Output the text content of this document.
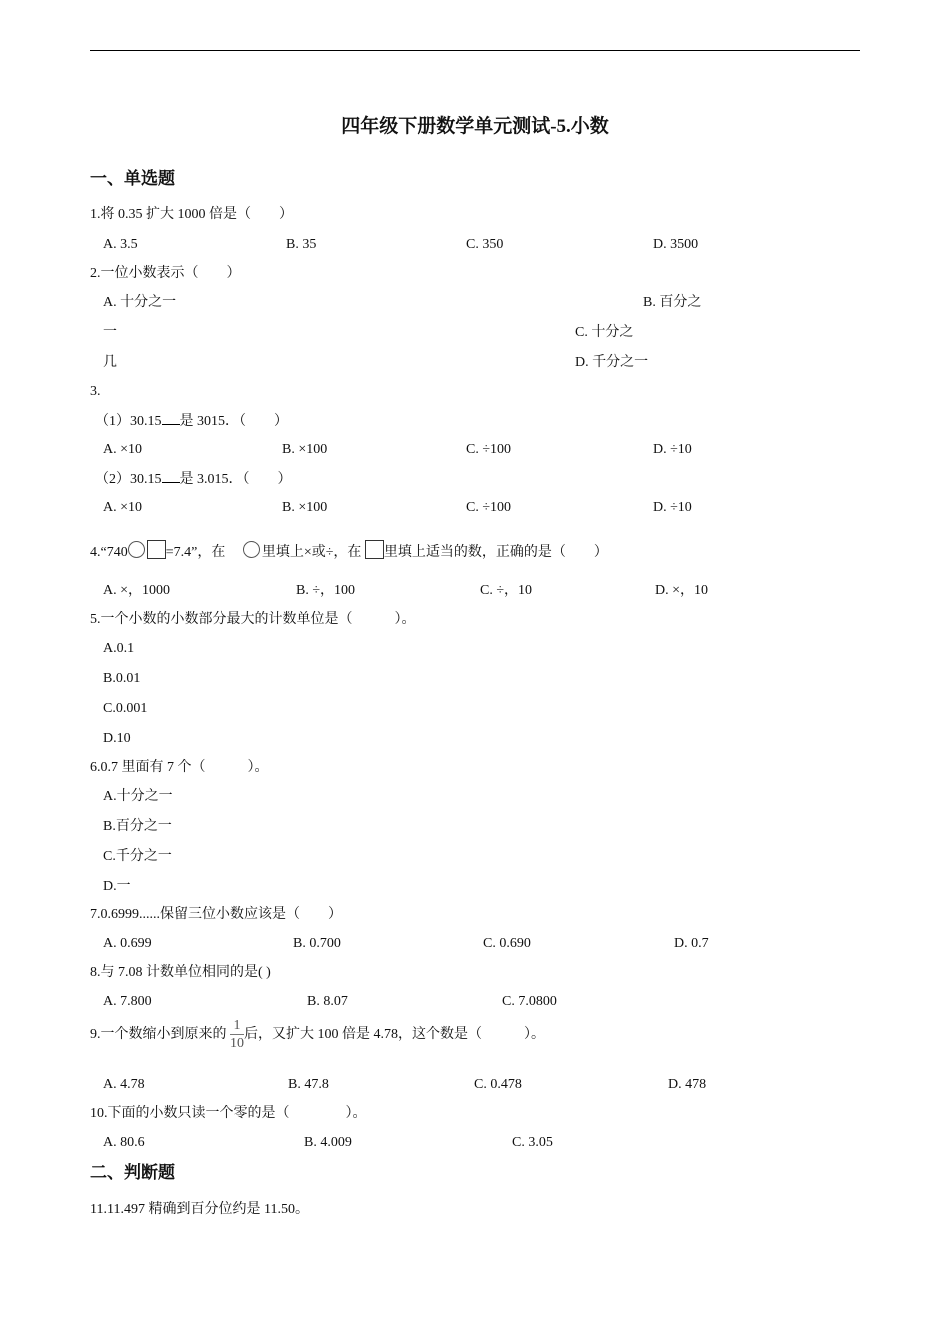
四年级下册数学单元测试-5.小数
一、单选题
1.将 0.35 扩大 1000 倍是（　　）
A. 3.5	B. 35	C. 350	D. 3500
2.一位小数表示（　　）
A. 十分之一	B. 百分之
一	C. 十分之
几	D. 千分之一
3.
（1）30.15 是 3015．（　　）
A. ×10	B. ×100	C. ÷100	D. ÷10
（2）30.15 是 3.015．（　　）
A. ×10	B. ×100	C. ÷100	D. ÷10
4.“740	=7.4”，在	里填上×或÷，在 里填上适当的数，正确的是（　　）
A. ×，1000	B. ÷，100	C. ÷，10	D. ×，10
5.一个小数的小数部分最大的计数单位是（　　　）。
A.0.1
B.0.01
C.0.001
D.10
6.0.7 里面有 7 个（　　　）。
A.十分之一
B.百分之一
C.千分之一
D.一
7.0.6999......保留三位小数应该是（　　）
A. 0.699	B. 0.700	C. 0.690	D. 0.7
8.与 7.08 计数单位相同的是( )
A. 7.800	B. 8.07	C. 7.0800
9.一个数缩小到原来的 $\frac{1}{10}$ 后，又扩大 100 倍是 4.78，这个数是（　　　）。
A. 4.78	B. 47.8	C. 0.478	D. 478
10.下面的小数只读一个零的是（　　　　）。
A. 80.6	B. 4.009	C. 3.05
二、判断题
11.11.497 精确到百分位约是 11.50。
